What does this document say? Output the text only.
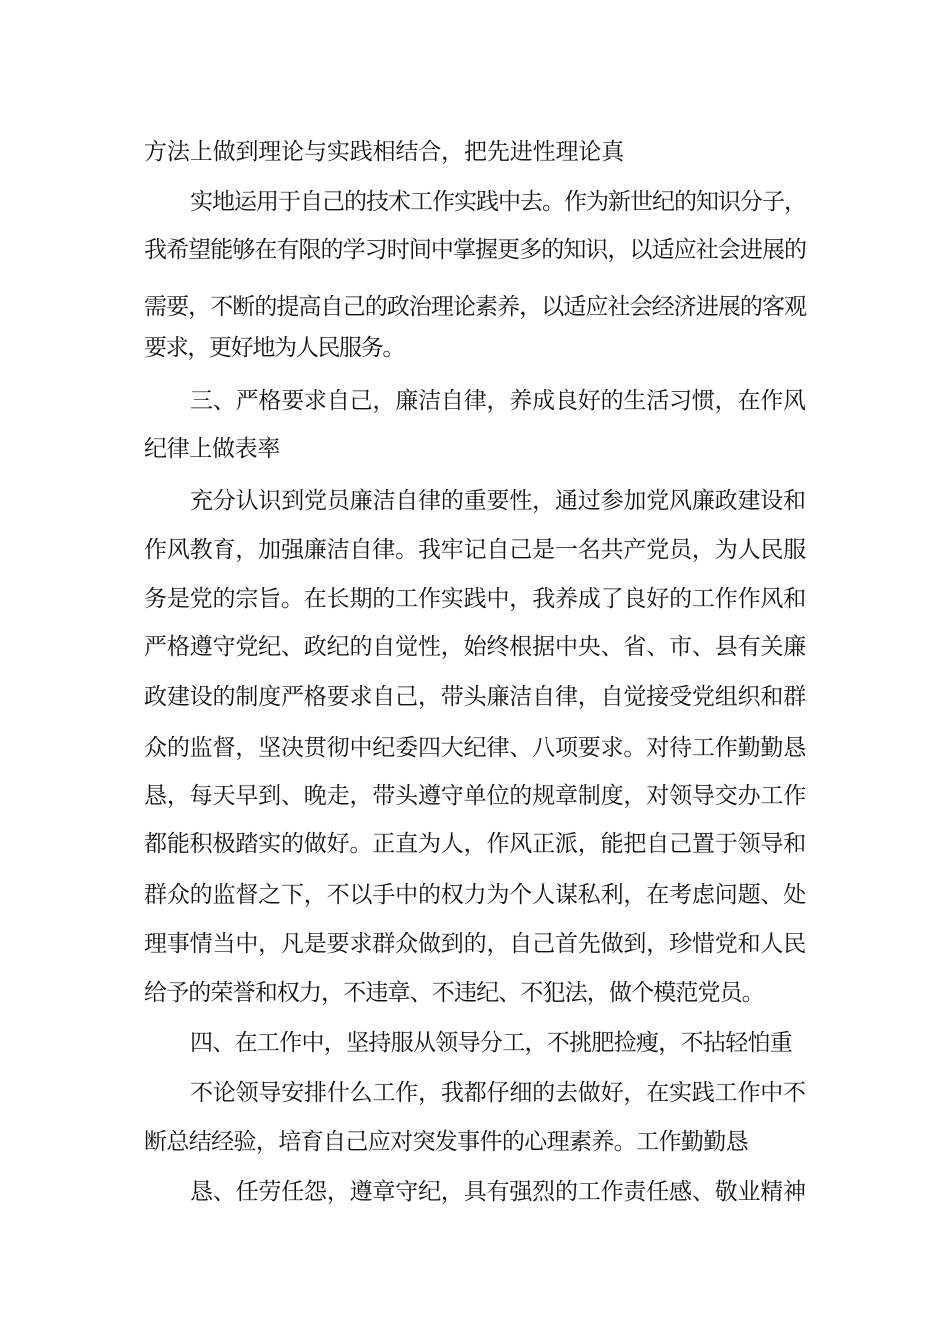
方法上做到理论与实践相结合，把先进性理论真
实地运用于自己的技术工作实践中去。作为新世纪的知识分子，
我希望能够在有限的学习时间中掌握更多的知识，以适应社会进展的
需要，不断的提高自己的政治理论素养，以适应社会经济进展的客观
要求，更好地为人民服务。
三、严格要求自己，廉洁自律，养成良好的生活习惯，在作风
纪律上做表率
充分认识到党员廉洁自律的重要性，通过参加党风廉政建设和
作风教育，加强廉洁自律。我牢记自己是一名共产党员，为人民服
务是党的宗旨。在长期的工作实践中，我养成了良好的工作作风和
严格遵守党纪、政纪的自觉性，始终根据中央、省、市、县有关廉
政建设的制度严格要求自己，带头廉洁自律，自觉接受党组织和群
众的监督，坚决贯彻中纪委四大纪律、八项要求。对待工作勤勤恳
恳，每天早到、晚走，带头遵守单位的规章制度，对领导交办工作
都能积极踏实的做好。正直为人，作风正派，能把自己置于领导和
群众的监督之下，不以手中的权力为个人谋私利，在考虑问题、处
理事情当中，凡是要求群众做到的，自己首先做到，珍惜党和人民
给予的荣誉和权力，不违章、不违纪、不犯法，做个模范党员。
四、在工作中，坚持服从领导分工，不挑肥捡瘦，不拈轻怕重
不论领导安排什么工作，我都仔细的去做好，在实践工作中不
断总结经验，培育自己应对突发事件的心理素养。工作勤勤恳
恳、任劳任怨，遵章守纪，具有强烈的工作责任感、敬业精神
